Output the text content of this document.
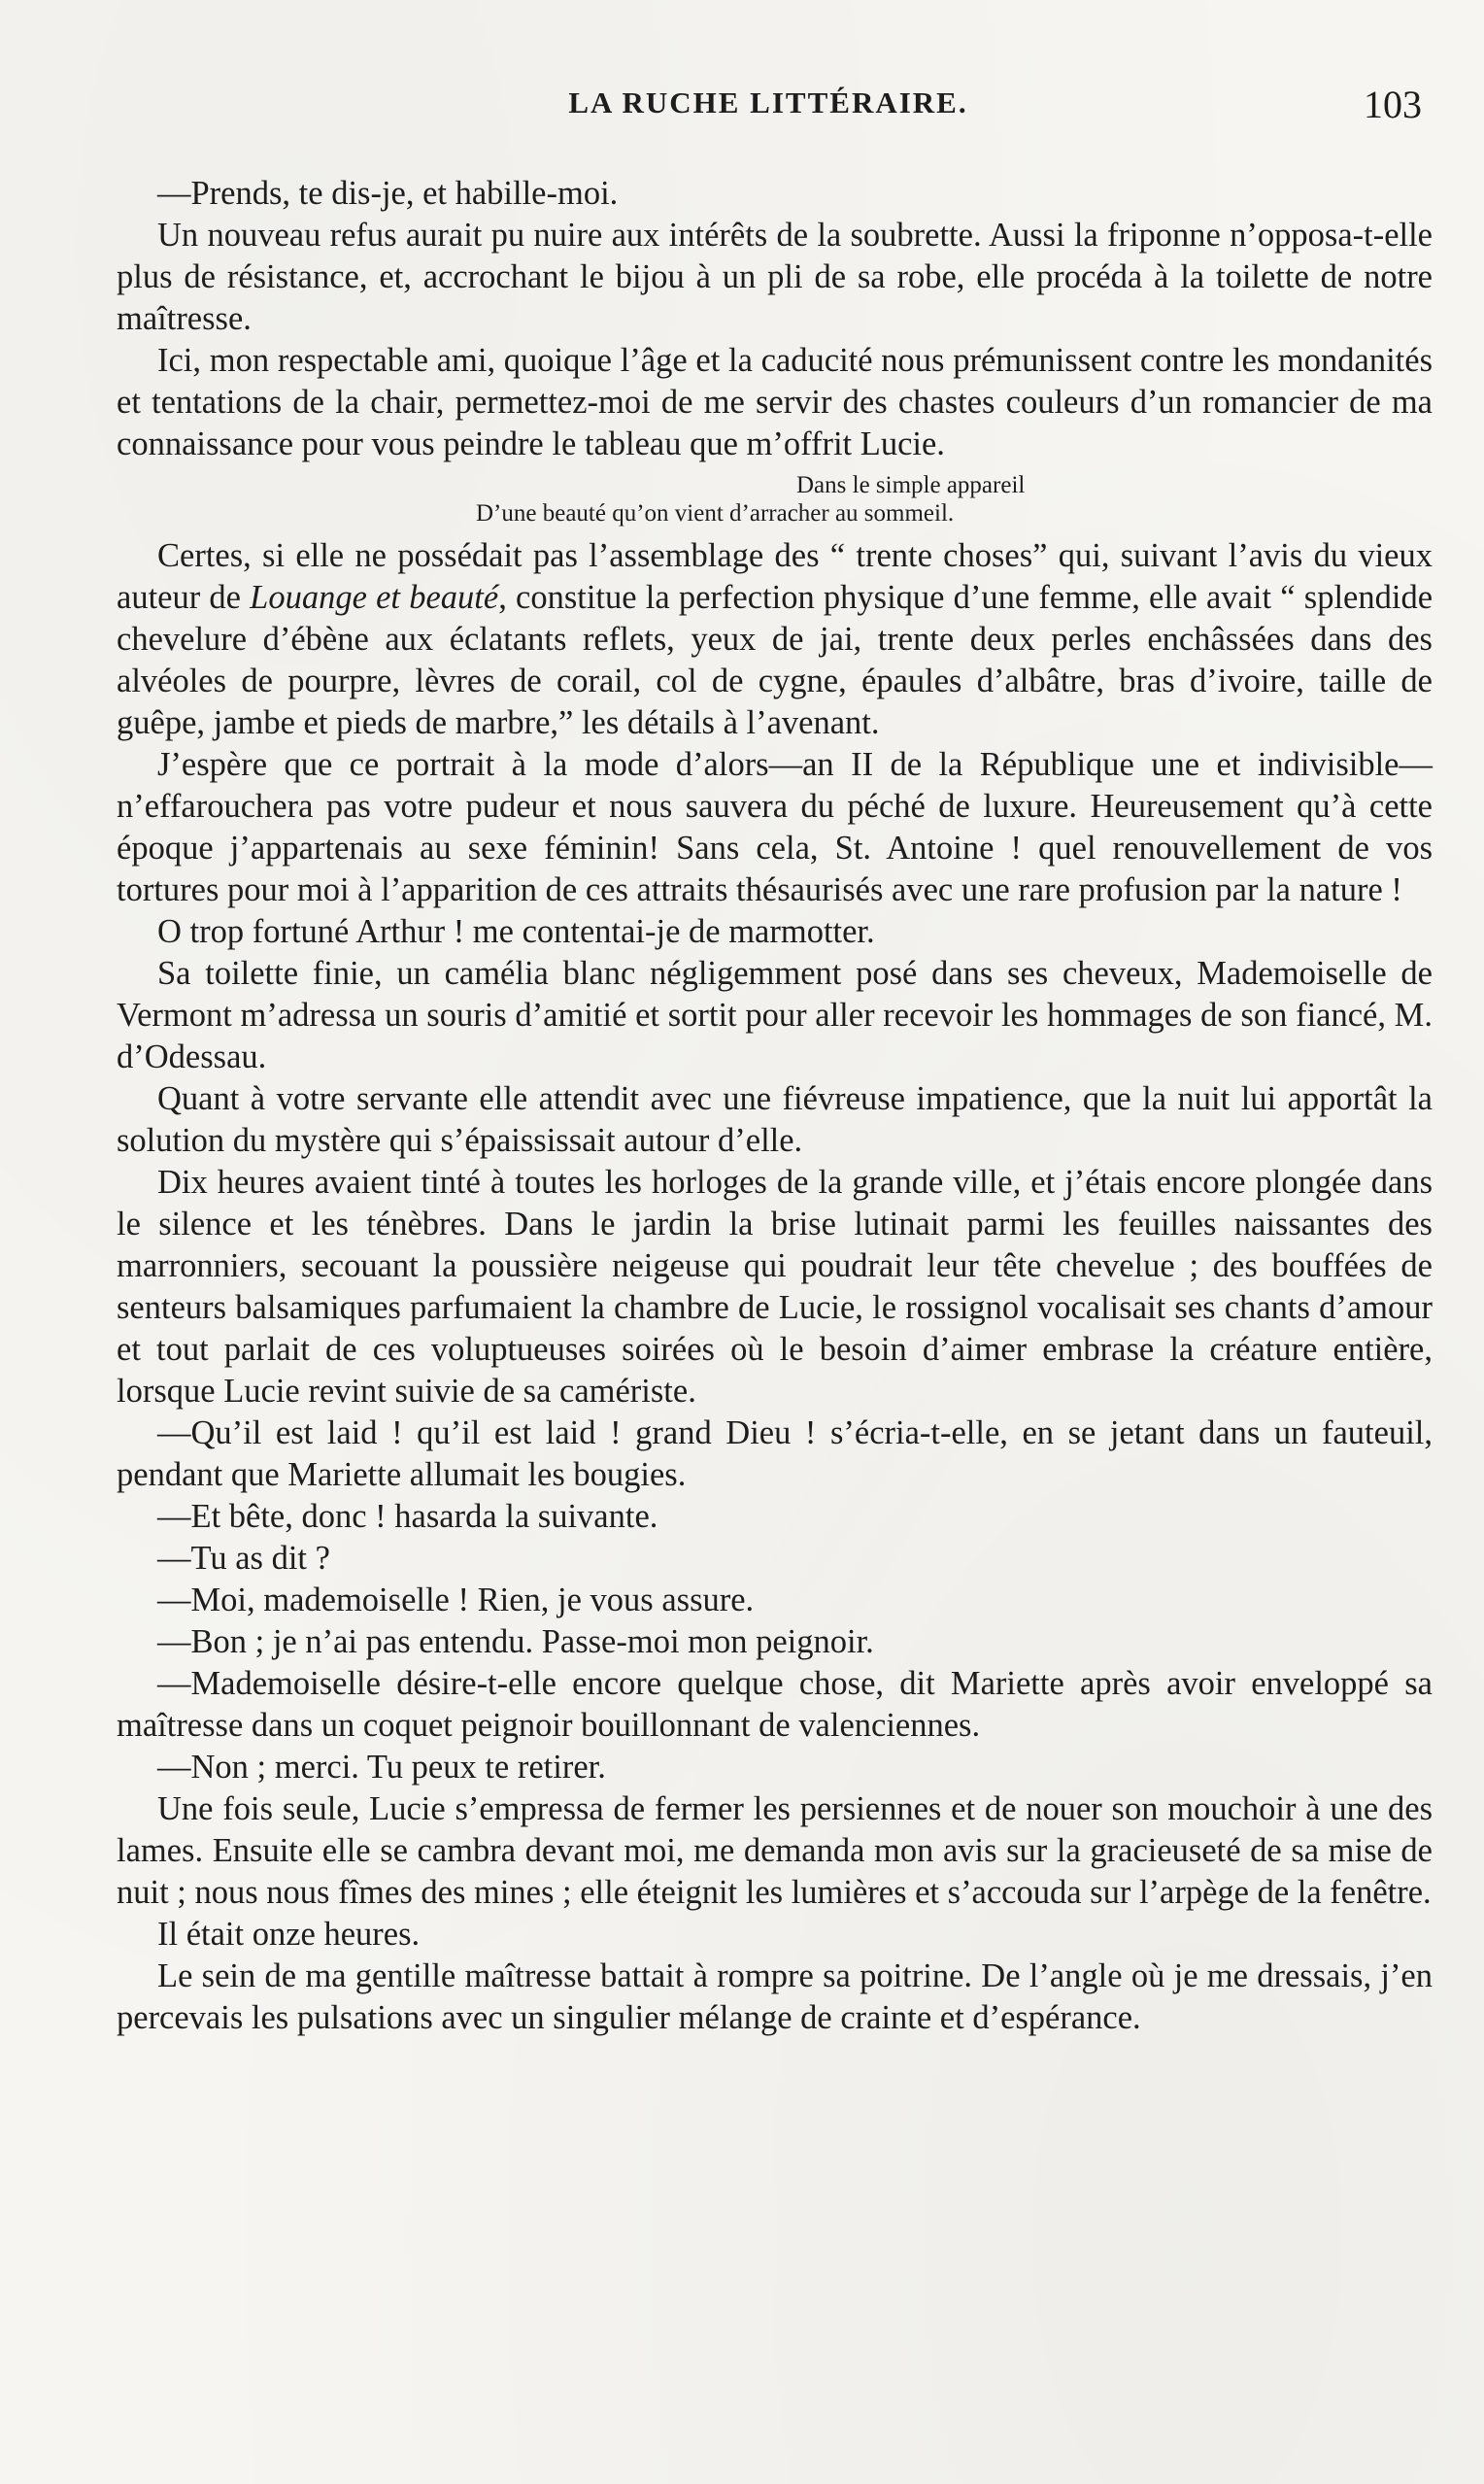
LA RUCHE LITTÉRAIRE.	103

—Prends, te dis-je, et habille-moi.

Un nouveau refus aurait pu nuire aux intérêts de la soubrette. Aussi la friponne n’opposa-t-elle plus de résistance, et, accrochant le bijou à un pli de sa robe, elle procéda à la toilette de notre maîtresse.

Ici, mon respectable ami, quoique l’âge et la caducité nous prémunissent contre les mondanités et tentations de la chair, permettez-moi de me servir des chastes couleurs d’un romancier de ma connaissance pour vous peindre le tableau que m’offrit Lucie.

Dans le simple appareil
D’une beauté qu’on vient d’arracher au sommeil.

Certes, si elle ne possédait pas l’assemblage des “ trente choses” qui, suivant l’avis du vieux auteur de Louange et beauté, constitue la perfection physique d’une femme, elle avait “ splendide chevelure d’ébène aux éclatants reflets, yeux de jai, trente deux perles enchâssées dans des alvéoles de pourpre, lèvres de corail, col de cygne, épaules d’albâtre, bras d’ivoire, taille de guêpe, jambe et pieds de marbre,” les détails à l’avenant.

J’espère que ce portrait à la mode d’alors—an II de la République une et indivisible—n’effarouchera pas votre pudeur et nous sauvera du péché de luxure. Heureusement qu’à cette époque j’appartenais au sexe féminin! Sans cela, St. Antoine ! quel renouvellement de vos tortures pour moi à l’apparition de ces attraits thésaurisés avec une rare profusion par la nature !

O trop fortuné Arthur ! me contentai-je de marmotter.

Sa toilette finie, un camélia blanc négligemment posé dans ses cheveux, Mademoiselle de Vermont m’adressa un souris d’amitié et sortit pour aller recevoir les hommages de son fiancé, M. d’Odessau.

Quant à votre servante elle attendit avec une fiévreuse impatience, que la nuit lui apportât la solution du mystère qui s’épaississait autour d’elle.

Dix heures avaient tinté à toutes les horloges de la grande ville, et j’étais encore plongée dans le silence et les ténèbres. Dans le jardin la brise lutinait parmi les feuilles naissantes des marronniers, secouant la poussière neigeuse qui poudrait leur tête chevelue ; des bouffées de senteurs balsamiques parfumaient la chambre de Lucie, le rossignol vocalisait ses chants d’amour et tout parlait de ces voluptueuses soirées où le besoin d’aimer embrase la créature entière, lorsque Lucie revint suivie de sa camériste.

—Qu’il est laid ! qu’il est laid ! grand Dieu ! s’écria-t-elle, en se jetant dans un fauteuil, pendant que Mariette allumait les bougies.

—Et bête, donc ! hasarda la suivante.

—Tu as dit ?

—Moi, mademoiselle ! Rien, je vous assure.

—Bon ; je n’ai pas entendu. Passe-moi mon peignoir.

—Mademoiselle désire-t-elle encore quelque chose, dit Mariette après avoir enveloppé sa maîtresse dans un coquet peignoir bouillonnant de valenciennes.

—Non ; merci. Tu peux te retirer.

Une fois seule, Lucie s’empressa de fermer les persiennes et de nouer son mouchoir à une des lames. Ensuite elle se cambra devant moi, me demanda mon avis sur la gracieuseté de sa mise de nuit ; nous nous fîmes des mines ; elle éteignit les lumières et s’accouda sur l’arpège de la fenêtre.

Il était onze heures.

Le sein de ma gentille maîtresse battait à rompre sa poitrine. De l’angle où je me dressais, j’en percevais les pulsations avec un singulier mélange de crainte et d’espérance.
